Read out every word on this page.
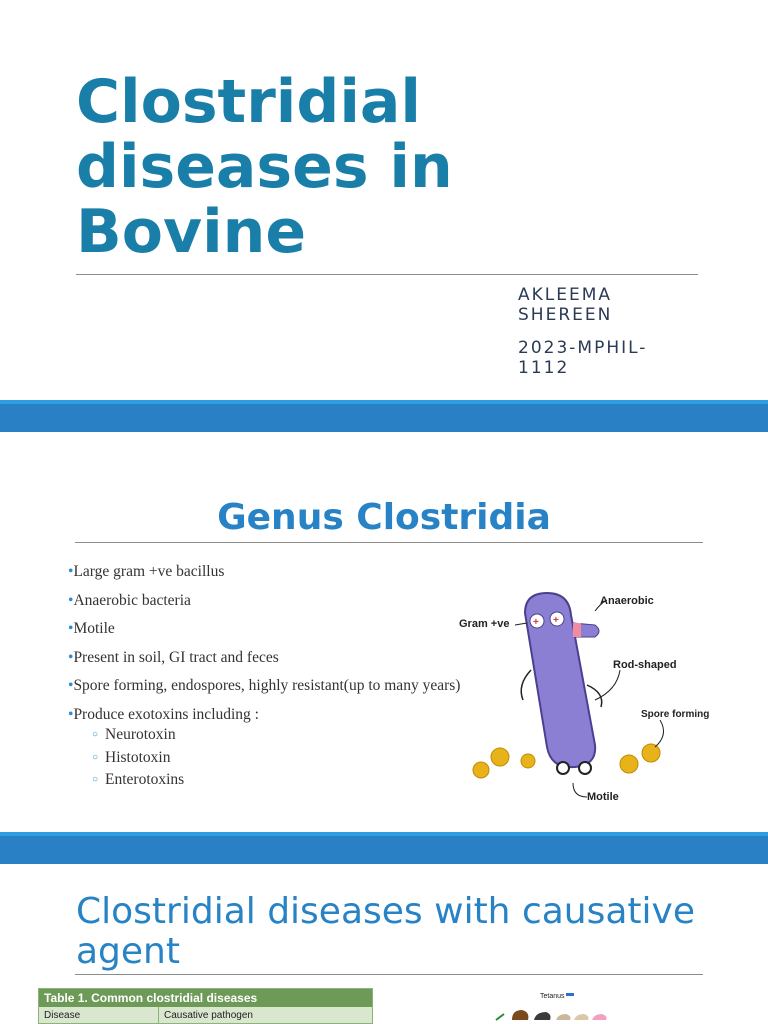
Clostridial diseases in Bovine
AKLEEMA SHEREEN
2023-MPHIL-1112
Genus Clostridia
•Large gram +ve bacillus
•Anaerobic bacteria
•Motile
•Present in soil, GI tract and feces
•Spore forming, endospores, highly resistant(up to many years)
•Produce exotoxins including :
○ Neurotoxin
○ Histotoxin
○ Enterotoxins
+ +
Anaerobic
Gram +ve
Rod-shaped
Spore forming
Motile
Clostridial diseases with causative agent
Table 1. Common clostridial diseases
Disease	Causative pathogen
Tetanus
